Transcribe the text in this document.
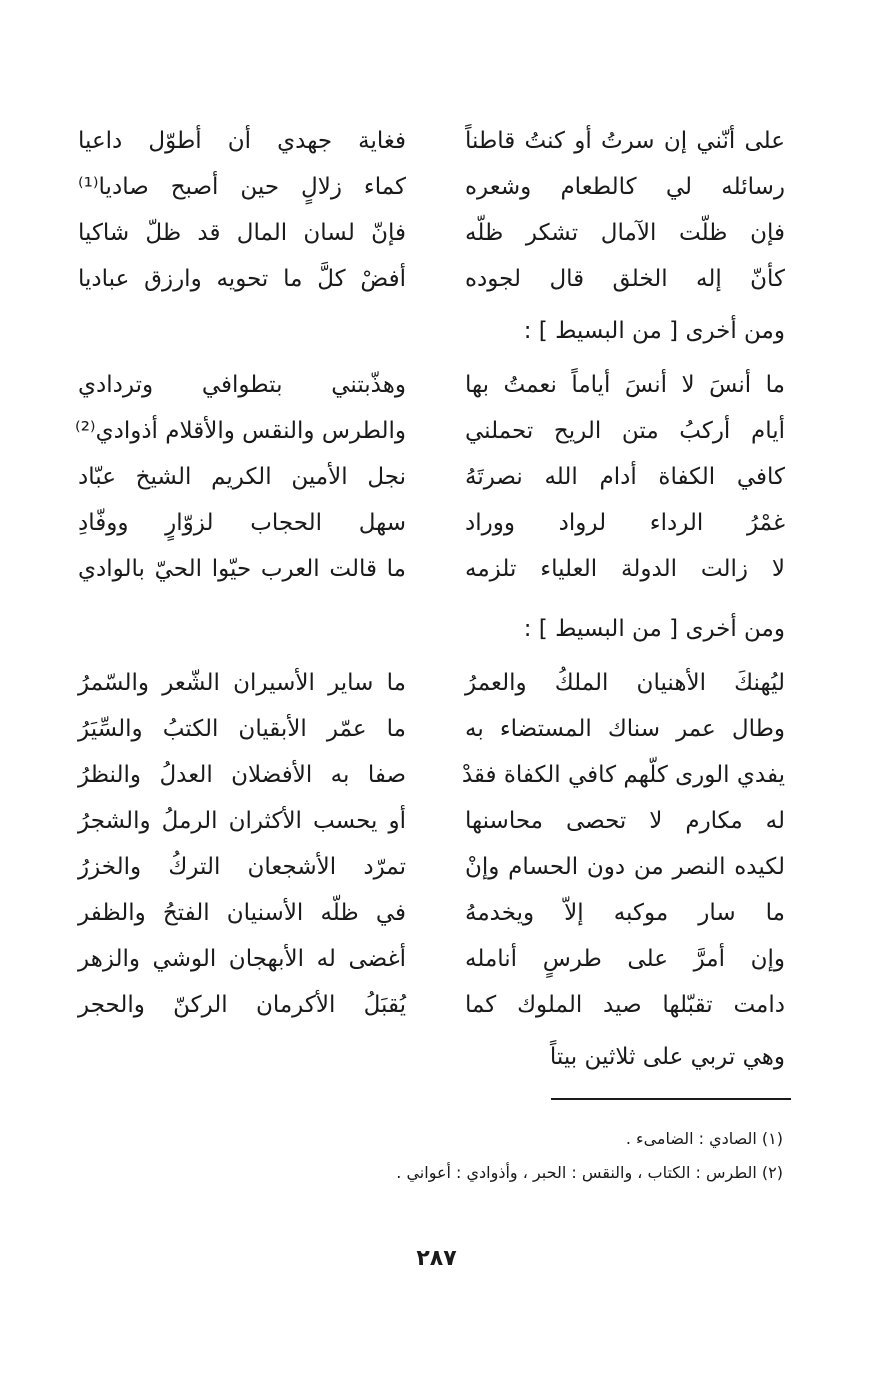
على أنّني إن سرتُ أو كنتُ قاطناً
فغاية جهدي أن أطوّل داعيا
رسائله لي كالطعام وشعره
كماء زلالٍ حين أصبح صاديا⁽¹⁾
فإن ظلّت الآمال تشكر ظلّه
فإنّ لسان المال قد ظلّ شاكيا
كأنّ إله الخلق قال لجوده
أفضْ كلَّ ما تحويه وارزق عباديا
ومن أخرى [ من البسيط ] :
ما أنسَ لا أنسَ أياماً نعمتُ بها
وهذّبتني بتطوافي وتردادي
أيام أركبُ متن الريح تحملني
والطرس والنقس والأقلام أذوادي⁽²⁾
كافي الكفاة أدام الله نصرتَهُ
نجل الأمين الكريم الشيخ عبّاد
غمْرُ الرداء لرواد ووراد
سهل الحجاب لزوّارٍ ووفّادِ
لا زالت الدولة العلياء تلزمه
ما قالت العرب حيّوا الحيّ بالوادي
ومن أخرى [ من البسيط ] :
ليُهنكَ الأهنيان الملكُ والعمرُ
ما ساير الأسيران الشّعر والسّمرُ
وطال عمر سناك المستضاء به
ما عمّر الأبقيان الكتبُ والسِّيَرُ
يفدي الورى كلّهم كافي الكفاة فقدْ
صفا به الأفضلان العدلُ والنظرُ
له مكارم لا تحصى محاسنها
أو يحسب الأكثران الرملُ والشجرُ
لكيده النصر من دون الحسام وإنْ
تمرّد الأشجعان التركُ والخزرُ
ما سار موكبه إلاّ ويخدمهُ
في ظلّه الأسنيان الفتحُ والظفر
وإن أمرَّ على طرسٍ أنامله
أغضى له الأبهجان الوشي والزهر
دامت تقبّلها صيد الملوك كما
يُقبَلُ الأكرمان الركنّ والحجر
وهي تربي على ثلاثين بيتاً
(١) الصادي : الضامىء .
(٢) الطرس : الكتاب ، والنقس : الحبر ، وأذوادي : أعواني .
٢٨٧
